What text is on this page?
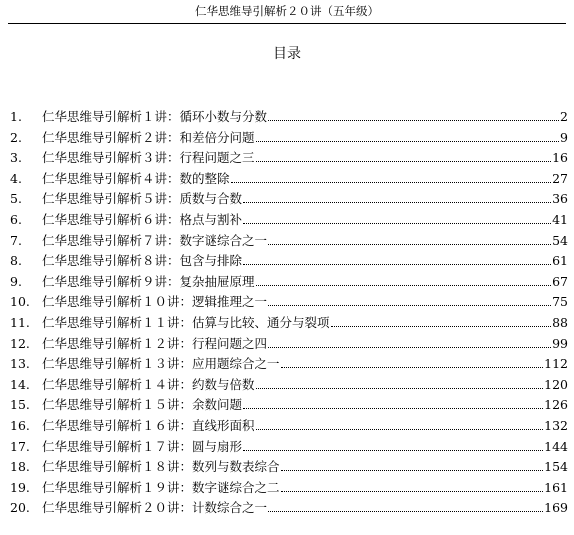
仁华思维导引解析２０讲（五年级）
目录
1.	仁华思维导引解析１讲：循环小数与分数	2
2.	仁华思维导引解析２讲：和差倍分问题	9
3.	仁华思维导引解析３讲：行程问题之三	16
4.	仁华思维导引解析４讲：数的整除	27
5.	仁华思维导引解析５讲：质数与合数	36
6.	仁华思维导引解析６讲：格点与割补	41
7.	仁华思维导引解析７讲：数字谜综合之一	54
8.	仁华思维导引解析８讲：包含与排除	61
9.	仁华思维导引解析９讲：复杂抽屉原理	67
10. 仁华思维导引解析１０讲：逻辑推理之一	75
11. 仁华思维导引解析１１讲：估算与比较、通分与裂项	88
12. 仁华思维导引解析１２讲：行程问题之四	99
13. 仁华思维导引解析１３讲：应用题综合之一	112
14. 仁华思维导引解析１４讲：约数与倍数	120
15. 仁华思维导引解析１５讲：余数问题	126
16. 仁华思维导引解析１６讲：直线形面积	132
17. 仁华思维导引解析１７讲：圆与扇形	144
18. 仁华思维导引解析１８讲：数列与数表综合	154
19. 仁华思维导引解析１９讲：数字谜综合之二	161
20. 仁华思维导引解析２０讲：计数综合之一	169
